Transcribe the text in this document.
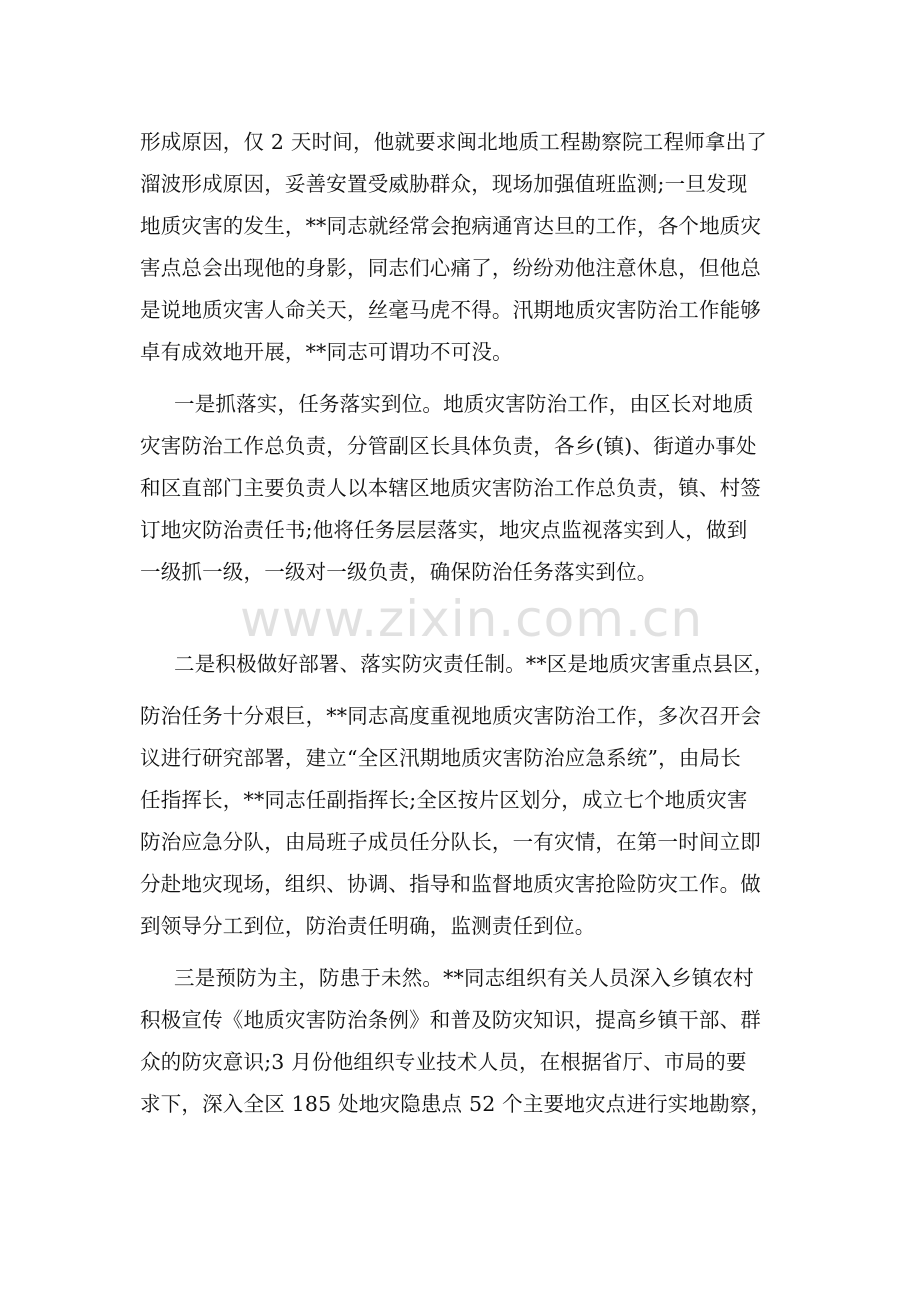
形成原因，仅 2 天时间，他就要求闽北地质工程勘察院工程师拿出了
溜波形成原因，妥善安置受威胁群众，现场加强值班监测;一旦发现
地质灾害的发生，**同志就经常会抱病通宵达旦的工作，各个地质灾
害点总会出现他的身影，同志们心痛了，纷纷劝他注意休息，但他总
是说地质灾害人命关天，丝毫马虎不得。汛期地质灾害防治工作能够
卓有成效地开展，**同志可谓功不可没。
一是抓落实，任务落实到位。地质灾害防治工作，由区长对地质
灾害防治工作总负责，分管副区长具体负责，各乡(镇)、街道办事处
和区直部门主要负责人以本辖区地质灾害防治工作总负责，镇、村签
订地灾防治责任书;他将任务层层落实，地灾点监视落实到人，做到
一级抓一级，一级对一级负责，确保防治任务落实到位。
二是积极做好部署、落实防灾责任制。**区是地质灾害重点县区，
防治任务十分艰巨，**同志高度重视地质灾害防治工作，多次召开会
议进行研究部署，建立“全区汛期地质灾害防治应急系统”，由局长
任指挥长，**同志任副指挥长;全区按片区划分，成立七个地质灾害
防治应急分队，由局班子成员任分队长，一有灾情，在第一时间立即
分赴地灾现场，组织、协调、指导和监督地质灾害抢险防灾工作。做
到领导分工到位，防治责任明确，监测责任到位。
三是预防为主，防患于未然。**同志组织有关人员深入乡镇农村
积极宣传《地质灾害防治条例》和普及防灾知识，提高乡镇干部、群
众的防灾意识;3 月份他组织专业技术人员，在根据省厅、市局的要
求下，深入全区 185 处地灾隐患点 52 个主要地灾点进行实地勘察，
www.zixin.com.cn
